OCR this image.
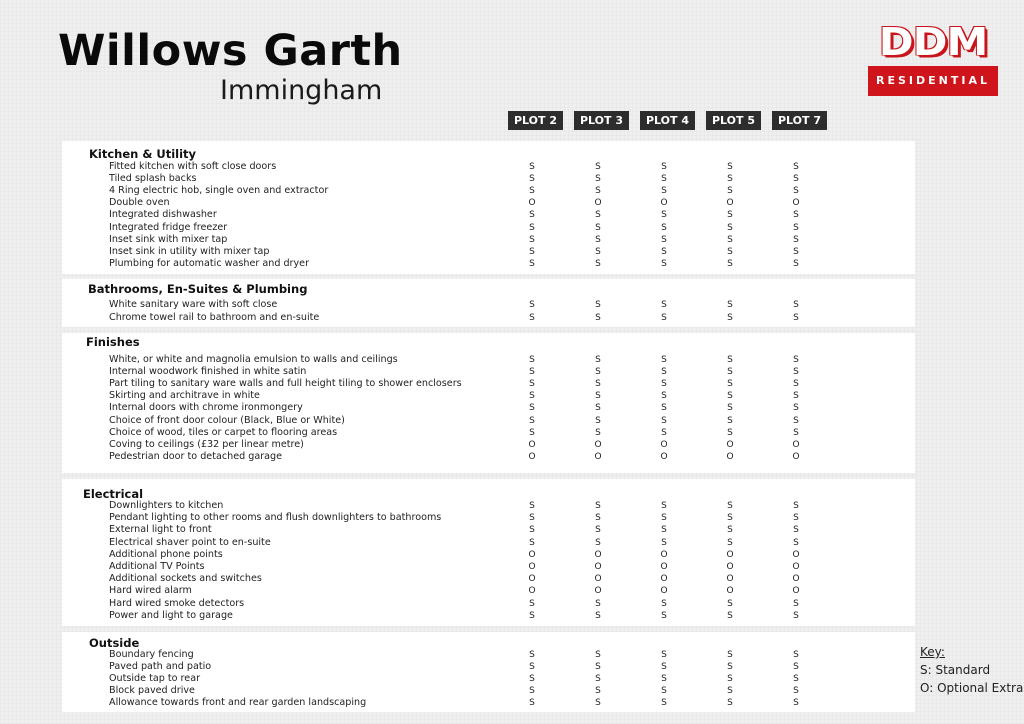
Willows Garth
Immingham
DDM
RESIDENTIAL
PLOT 2	PLOT 3	PLOT 4	PLOT 5	PLOT 7
Kitchen & Utility
Fitted kitchen with soft close doors	S	S	S	S	S
Tiled splash backs	S	S	S	S	S
4 Ring electric hob, single oven and extractor	S	S	S	S	S
Double oven	O	O	O	O	O
Integrated dishwasher	S	S	S	S	S
Integrated fridge freezer	S	S	S	S	S
Inset sink with mixer tap	S	S	S	S	S
Inset sink in utility with mixer tap	S	S	S	S	S
Plumbing for automatic washer and dryer	S	S	S	S	S
Bathrooms, En-Suites & Plumbing
White sanitary ware with soft close	S	S	S	S	S
Chrome towel rail to bathroom and en-suite	S	S	S	S	S
Finishes
White, or white and magnolia emulsion to walls and ceilings	S	S	S	S	S
Internal woodwork finished in white satin	S	S	S	S	S
Part tiling to sanitary ware walls and full height tiling to shower enclosers	S	S	S	S	S
Skirting and architrave in white	S	S	S	S	S
Internal doors with chrome ironmongery	S	S	S	S	S
Choice of front door colour (Black, Blue or White)	S	S	S	S	S
Choice of wood, tiles or carpet to flooring areas	S	S	S	S	S
Coving to ceilings (£32 per linear metre)	O	O	O	O	O
Pedestrian door to detached garage	O	O	O	O	O
Electrical
Downlighters to kitchen	S	S	S	S	S
Pendant lighting to other rooms and flush downlighters to bathrooms	S	S	S	S	S
External light to front	S	S	S	S	S
Electrical shaver point to en-suite	S	S	S	S	S
Additional phone points	O	O	O	O	O
Additional TV Points	O	O	O	O	O
Additional sockets and switches	O	O	O	O	O
Hard wired alarm	O	O	O	O	O
Hard wired smoke detectors	S	S	S	S	S
Power and light to garage	S	S	S	S	S
Outside
Boundary fencing	S	S	S	S	S
Paved path and patio	S	S	S	S	S
Outside tap to rear	S	S	S	S	S
Block paved drive	S	S	S	S	S
Allowance towards front and rear garden landscaping	S	S	S	S	S
Key:
S: Standard
O: Optional Extra
